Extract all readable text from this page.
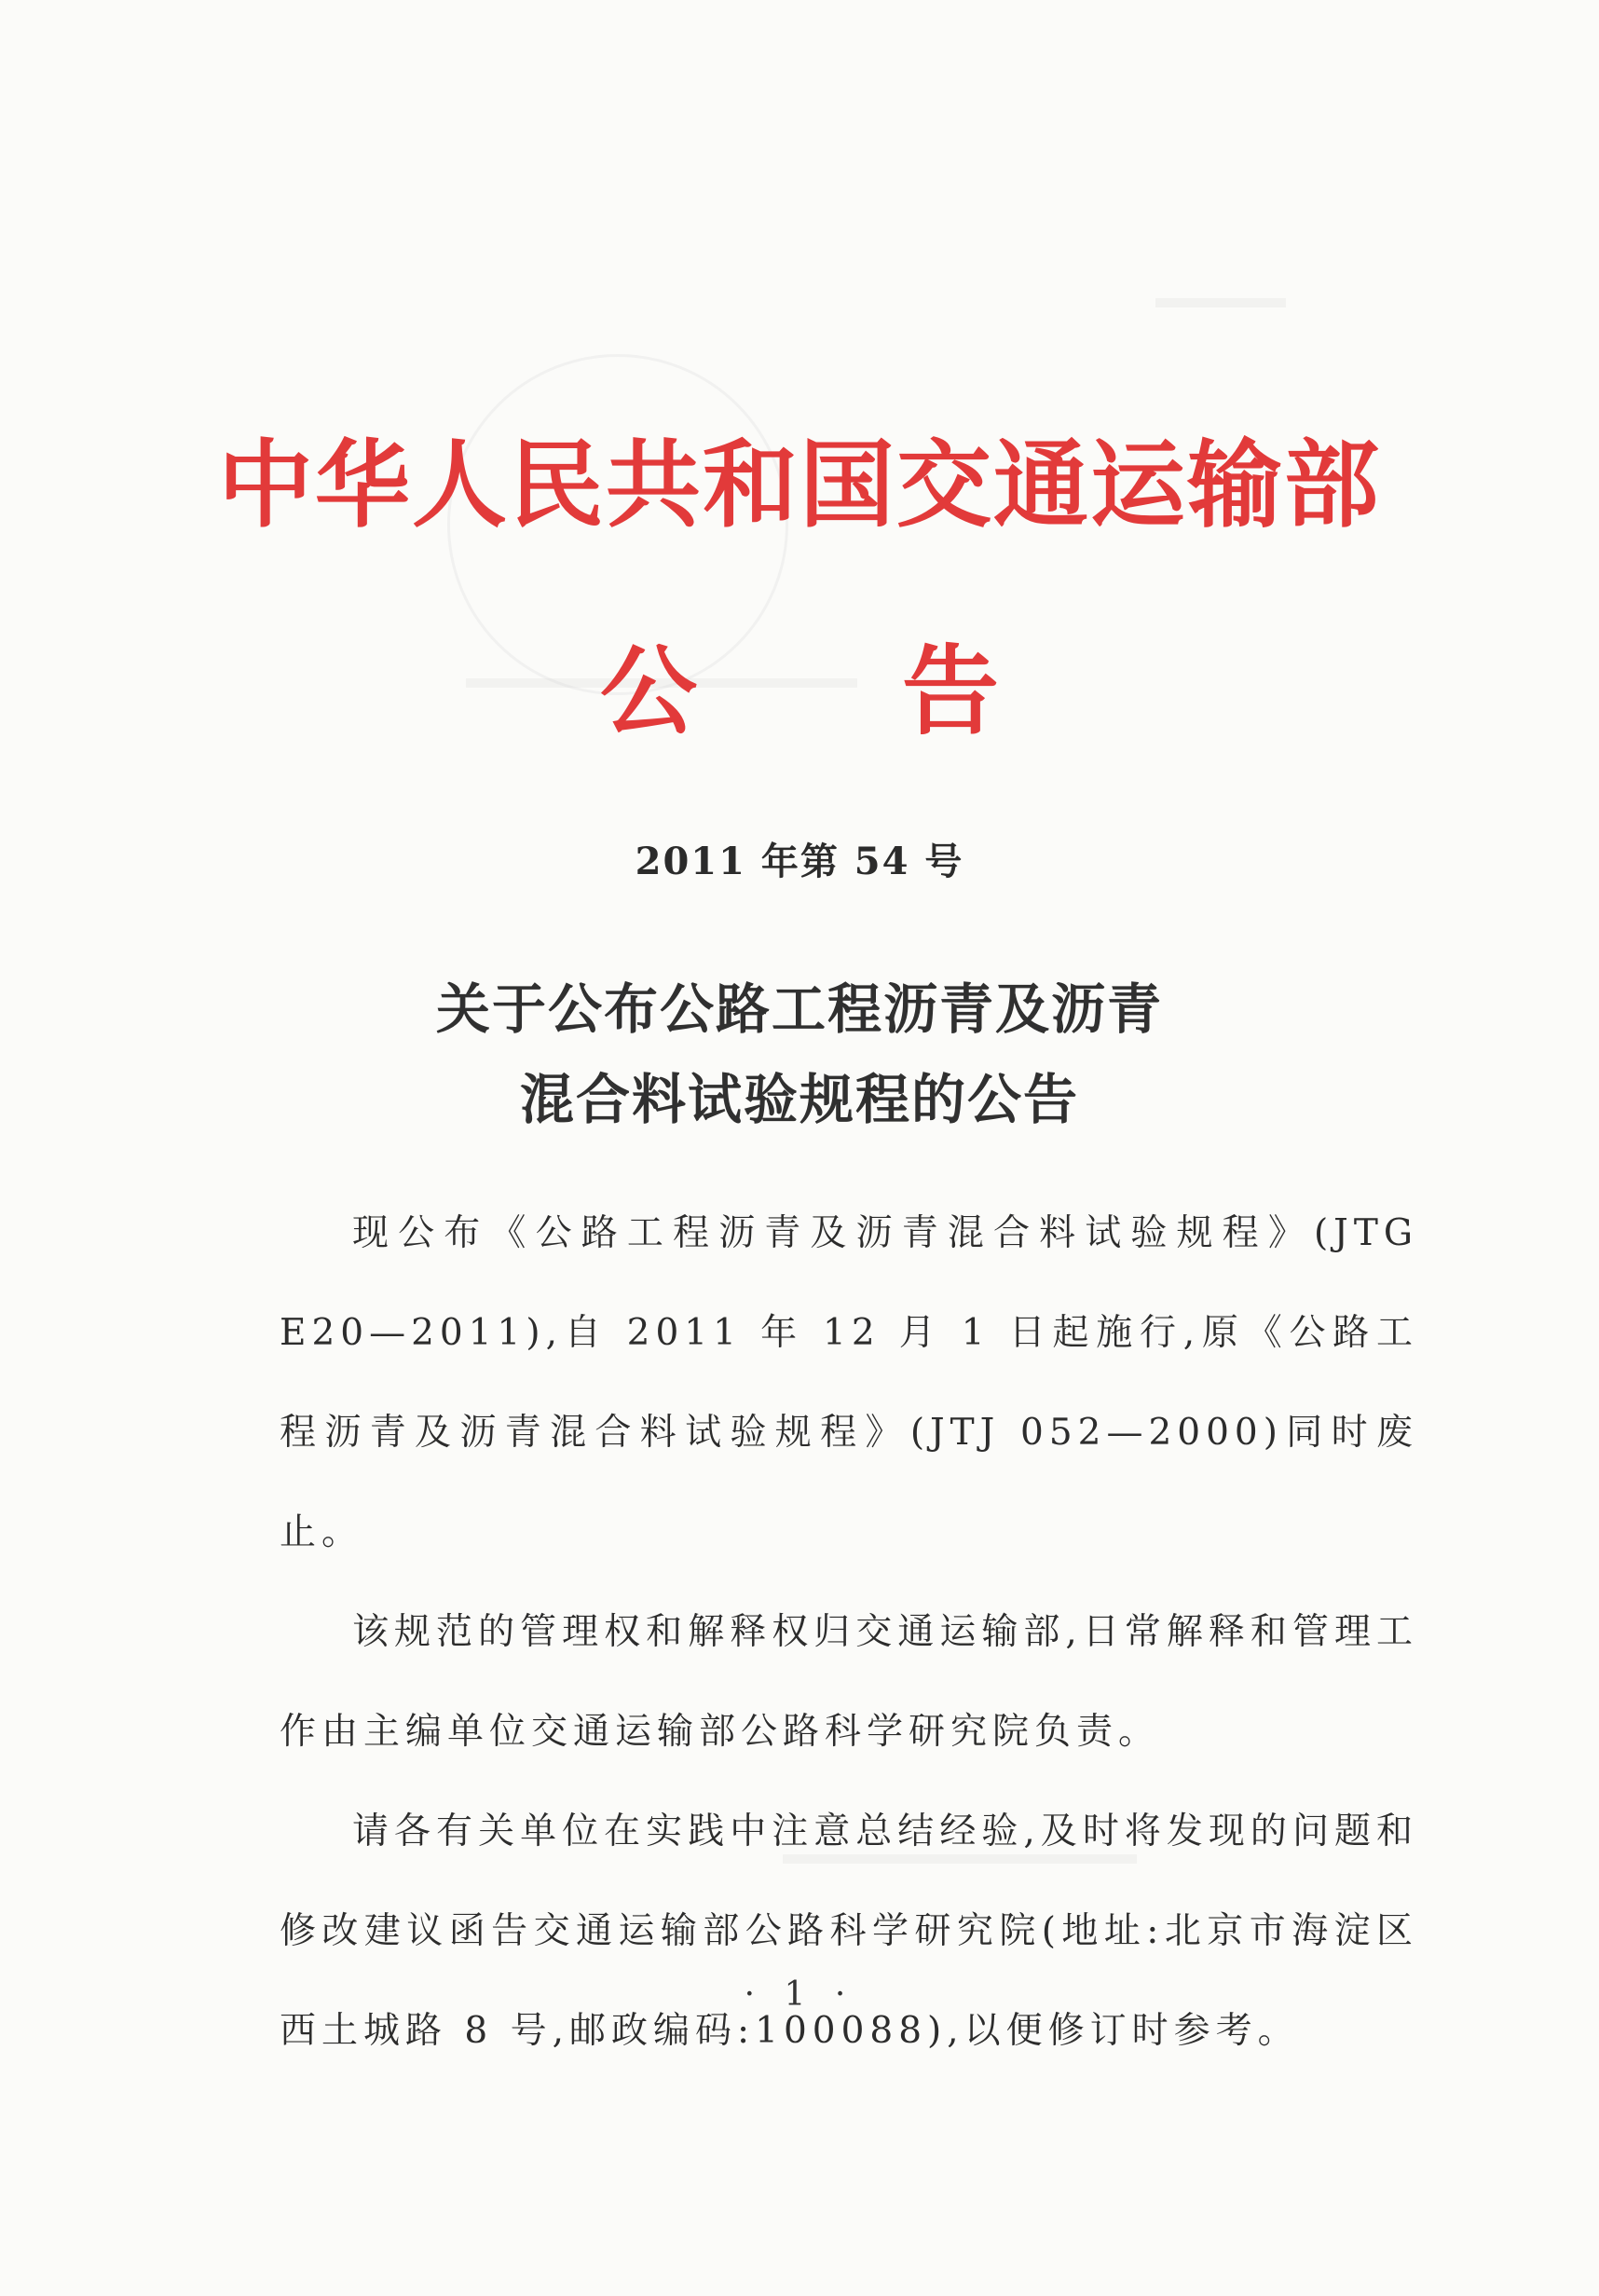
中华人民共和国交通运输部
公告
2011 年第 54 号
关于公布公路工程沥青及沥青
混合料试验规程的公告

现公布《公路工程沥青及沥青混合料试验规程》(JTG E20—2011),自 2011 年 12 月 1 日起施行,原《公路工程沥青及沥青混合料试验规程》(JTJ 052—2000)同时废止。

该规范的管理权和解释权归交通运输部,日常解释和管理工作由主编单位交通运输部公路科学研究院负责。

请各有关单位在实践中注意总结经验,及时将发现的问题和修改建议函告交通运输部公路科学研究院(地址:北京市海淀区西土城路 8 号,邮政编码:100088),以便修订时参考。

· 1 ·
